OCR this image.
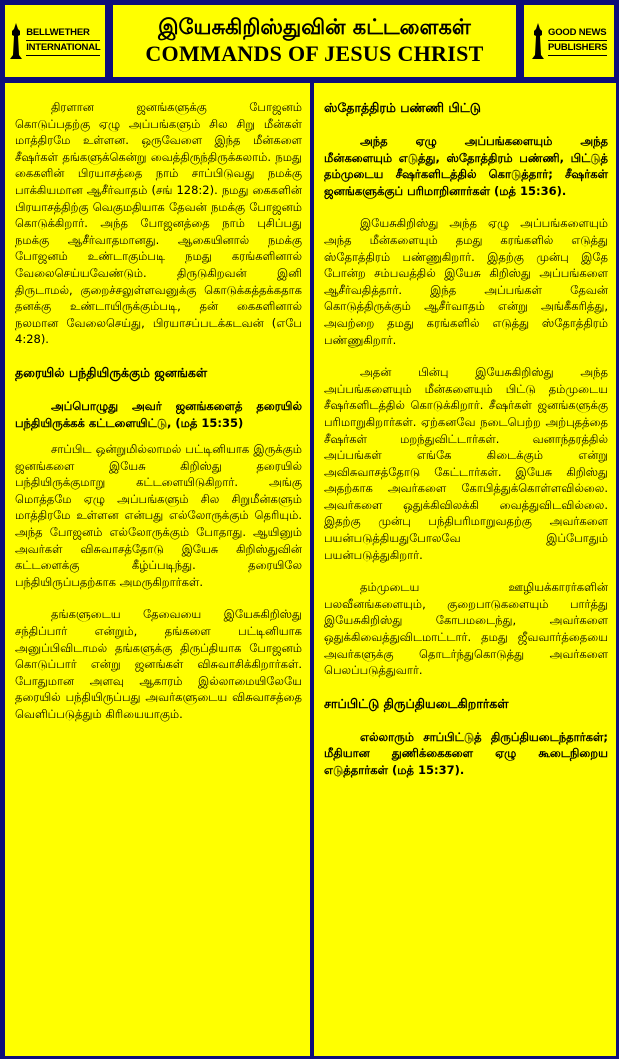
BELLWETHER
INTERNATIONAL
இயேசுகிறிஸ்துவின் கட்டளைகள்
COMMANDS OF JESUS CHRIST
GOOD NEWS
PUBLISHERS

திரளான ஜனங்களுக்கு போஜனம் கொடுப்பதற்கு ஏழு அப்பங்களும் சில சிறு மீன்கள் மாத்திரமே உள்ளன. ஒருவேளை இந்த மீன்களை சீஷர்கள் தங்களுக்கென்று வைத்திருந்திருக்கலாம். நமது கைகளின் பிரயாசத்தை நாம் சாப்பிடுவது நமக்கு பாக்கியமான ஆசீர்வாதம் (சங் 128:2). நமது கைகளின் பிரயாசத்திற்கு வெகுமதியாக தேவன் நமக்கு போஜனம் கொடுக்கிறார். அந்த போஜனத்தை நாம் புசிப்பது நமக்கு ஆசீர்வாதமானது. ஆகையினால் நமக்கு போஜனம் உண்டாகும்படி நமது கரங்களினால் வேலைசெய்யவேண்டும். திருடுகிறவன் இனி திருடாமல், குறைச்சலுள்ளவனுக்கு கொடுக்கத்தக்கதாக தனக்கு உண்டாயிருக்கும்படி, தன் கைகளினால் நலமான வேலைசெய்து, பிரயாசப்படக்கடவன் (எபே 4:28).

தரையில் பந்தியிருக்கும் ஜனங்கள்
அப்பொழுது அவர் ஜனங்களைத் தரையில் பந்தியிருக்கக் கட்டளையிட்டு, (மத் 15:35)

சாப்பிட ஒன்றுமில்லாமல் பட்டினியாக இருக்கும் ஜனங்களை இயேசு கிறிஸ்து தரையில் பந்தியிருக்குமாறு கட்டளையிடுகிறார். அங்கு மொத்தமே ஏழு அப்பங்களும் சில சிறுமீன்களும் மாத்திரமே உள்ளன என்பது எல்லோருக்கும் தெரியும். அந்த போஜனம் எல்லோருக்கும் போதாது. ஆயினும் அவர்கள் விசுவாசத்தோடு இயேசு கிறிஸ்துவின் கட்டளைக்கு கீழ்ப்படிந்து. தரையிலே பந்தியிருப்பதற்காக அமருகிறார்கள்.

தங்களுடைய தேவையை இயேசுகிறிஸ்து சந்திப்பார் என்றும், தங்களை பட்டினியாக அனுப்பிவிடாமல் தங்களுக்கு திருப்தியாக போஜனம் கொடுப்பார் என்று ஜனங்கள் விசுவாசிக்கிறார்கள். போதுமான அளவு ஆகாரம் இல்லாமையிலேயே தரையில் பந்தியிருப்பது அவர்களுடைய விசுவாசத்தை வெளிப்படுத்தும் கிரியையாகும்.

ஸ்தோத்திரம் பண்ணி பிட்டு
அந்த ஏழு அப்பங்களையும் அந்த மீன்களையும் எடுத்து, ஸ்தோத்திரம் பண்ணி, பிட்டுத் தம்முடைய சீஷர்களிடத்தில் கொடுத்தார்; சீஷர்கள் ஜனங்களுக்குப் பரிமாறினார்கள் (மத் 15:36).

இயேசுகிறிஸ்து அந்த ஏழு அப்பங்களையும் அந்த மீன்களையும் தமது கரங்களில் எடுத்து ஸ்தோத்திரம் பண்ணுகிறார். இதற்கு முன்பு இதே போன்ற சம்பவத்தில் இயேசு கிறிஸ்து அப்பங்களை ஆசீர்வதித்தார். இந்த அப்பங்கள் தேவன் கொடுத்திருக்கும் ஆசீர்வாதம் என்று அங்கீகரித்து, அவற்றை தமது கரங்களில் எடுத்து ஸ்தோத்திரம் பண்ணுகிறார்.

அதன் பின்பு இயேசுகிறிஸ்து அந்த அப்பங்களையும் மீன்களையும் பிட்டு தம்முடைய சீஷர்களிடத்தில் கொடுக்கிறார். சீஷர்கள் ஜனங்களுக்கு பரிமாறுகிறார்கள். ஏற்கனவே நடைபெற்ற அற்புதத்தை சீஷர்கள் மறந்துவிட்டார்கள். வனாந்தரத்தில் அப்பங்கள் எங்கே கிடைக்கும் என்று அவிசுவாசத்தோடு கேட்டார்கள். இயேசு கிறிஸ்து அதற்காக அவர்களை கோபித்துக்கொள்ளவில்லை. அவர்களை ஒதுக்கிவிலக்கி வைத்துவிடவில்லை. இதற்கு முன்பு பந்திபரிமாறுவதற்கு அவர்களை பயன்படுத்தியதுபோலவே இப்போதும் பயன்படுத்துகிறார்.

தம்முடைய ஊழியக்காரர்களின் பலவீனங்களையும், குறைபாடுகளையும் பார்த்து இயேசுகிறிஸ்து கோபமடைந்து, அவர்களை ஒதுக்கிவைத்துவிடமாட்டார். தமது ஜீவவார்த்தையை அவர்களுக்கு தொடர்ந்துகொடுத்து அவர்களை பெலப்படுத்துவார்.

சாப்பிட்டு திருப்தியடைகிறார்கள்
எல்லாரும் சாப்பிட்டுத் திருப்தியடைந்தார்கள்; மீதியான துணிக்கைகளை ஏழு கூடைநிறைய எடுத்தார்கள் (மத் 15:37).
